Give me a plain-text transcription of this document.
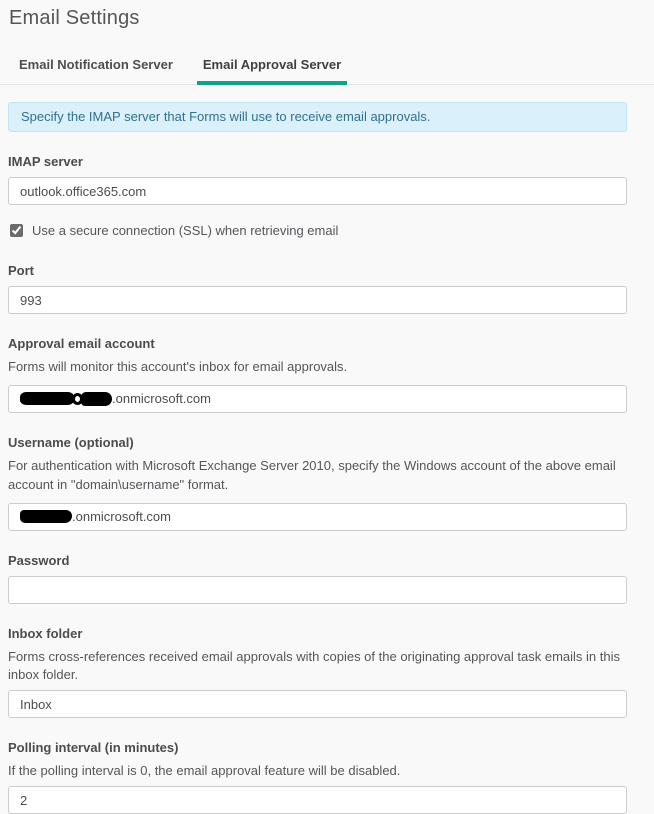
Email Settings
Email Notification Server	Email Approval Server
Specify the IMAP server that Forms will use to receive email approvals.
IMAP server
outlook.office365.com
Use a secure connection (SSL) when retrieving email
Port
993
Approval email account
Forms will monitor this account's inbox for email approvals.
.onmicrosoft.com
Username (optional)
For authentication with Microsoft Exchange Server 2010, specify the Windows account of the above email account in "domain\username" format.
.onmicrosoft.com
Password
Inbox folder
Forms cross-references received email approvals with copies of the originating approval task emails in this inbox folder.
Inbox
Polling interval (in minutes)
If the polling interval is 0, the email approval feature will be disabled.
2
